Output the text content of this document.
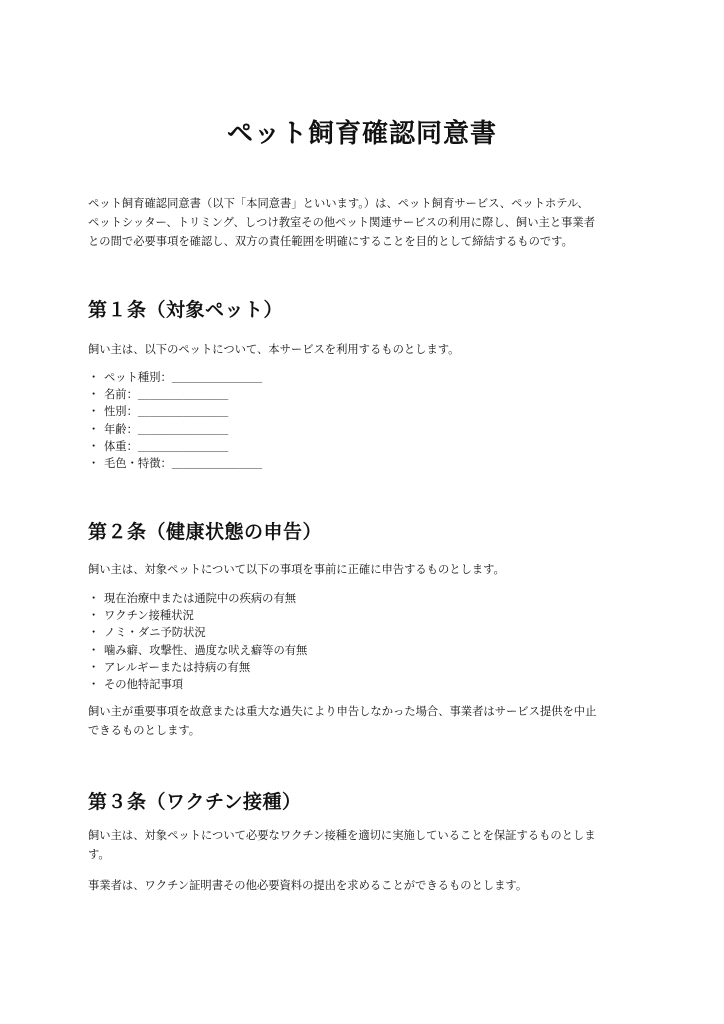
ペット飼育確認同意書

ペット飼育確認同意書（以下「本同意書」といいます。）は、ペット飼育サービス、ペットホテル、
ペットシッター、トリミング、しつけ教室その他ペット関連サービスの利用に際し、飼い主と事業者
との間で必要事項を確認し、双方の責任範囲を明確にすることを目的として締結するものです。

第１条（対象ペット）

飼い主は、以下のペットについて、本サービスを利用するものとします。

・ ペット種別：＿＿＿＿＿＿＿＿
・ 名前：＿＿＿＿＿＿＿＿
・ 性別：＿＿＿＿＿＿＿＿
・ 年齢：＿＿＿＿＿＿＿＿
・ 体重：＿＿＿＿＿＿＿＿
・ 毛色・特徴：＿＿＿＿＿＿＿＿
第２条（健康状態の申告）

飼い主は、対象ペットについて以下の事項を事前に正確に申告するものとします。

・ 現在治療中または通院中の疾病の有無
・ ワクチン接種状況
・ ノミ・ダニ予防状況
・ 噛み癖、攻撃性、過度な吠え癖等の有無
・ アレルギーまたは持病の有無
・ その他特記事項

飼い主が重要事項を故意または重大な過失により申告しなかった場合、事業者はサービス提供を中止
できるものとします。

第３条（ワクチン接種）

飼い主は、対象ペットについて必要なワクチン接種を適切に実施していることを保証するものとしま
す。

事業者は、ワクチン証明書その他必要資料の提出を求めることができるものとします。
